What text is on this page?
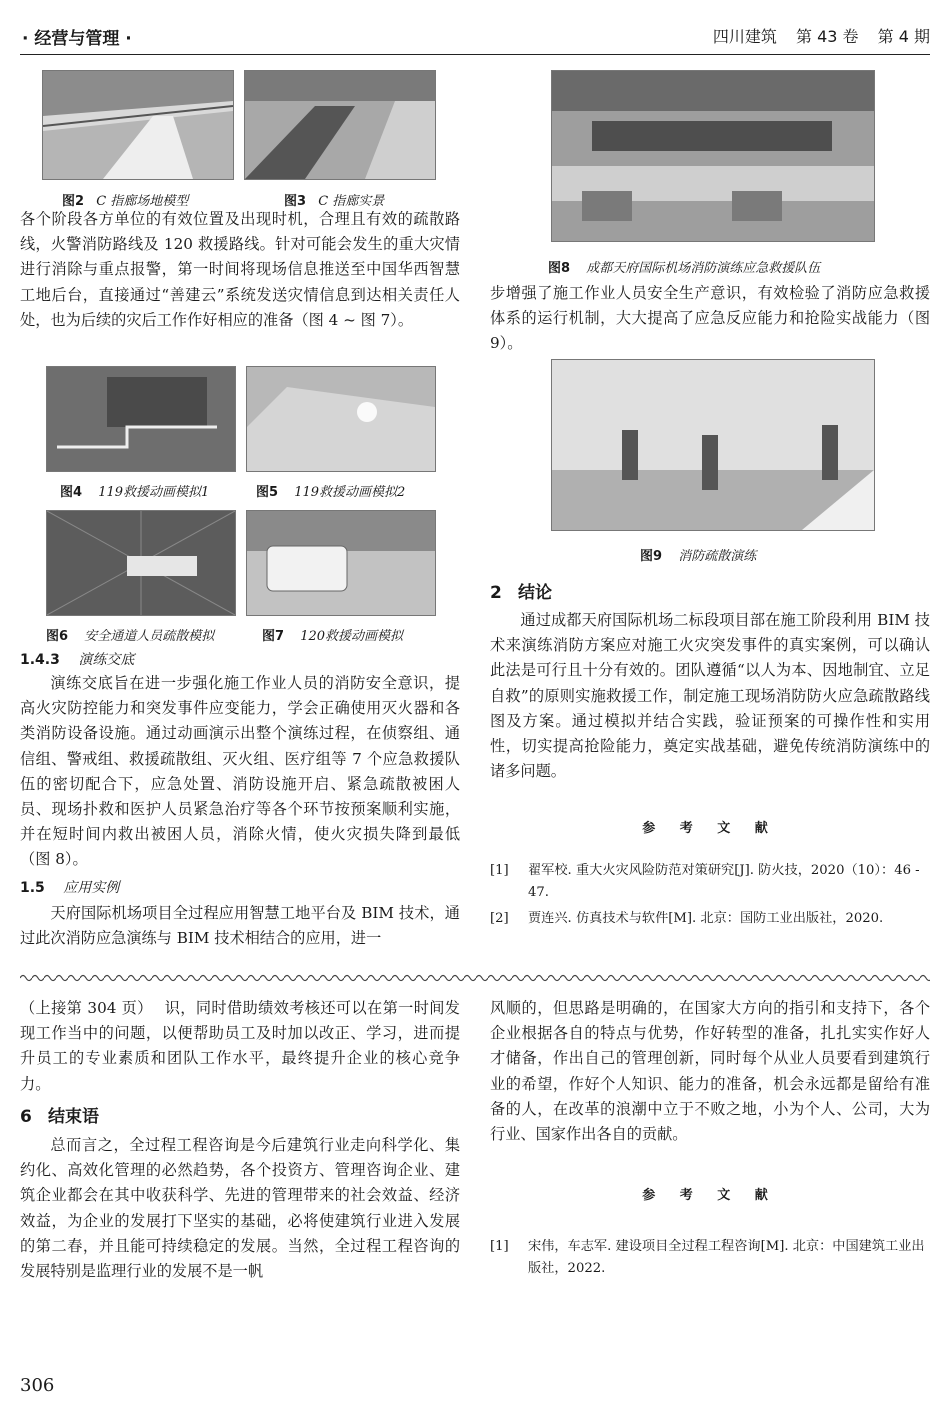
· 经营与管理 ·	四川建筑 第 43 卷 第 4 期
图2 C 指廊场地模型	图3 C 指廊实景

各个阶段各方单位的有效位置及出现时机，合理且有效的疏散路线，火警消防路线及 120 救援路线。针对可能会发生的重大灾情进行消除与重点报警，第一时间将现场信息推送至中国华西智慧工地后台，直接通过“善建云”系统发送灾情信息到达相关责任人处，也为后续的灾后工作作好相应的准备（图 4 ~ 图 7）。

图4 119救援动画模拟1	图5 119救援动画模拟2
图6 安全通道人员疏散模拟	图7 120救援动画模拟
1.4.3 演练交底

演练交底旨在进一步强化施工作业人员的消防安全意识，提高火灾防控能力和突发事件应变能力，学会正确使用灭火器和各类消防设备设施。通过动画演示出整个演练过程，在侦察组、通信组、警戒组、救援疏散组、灭火组、医疗组等 7 个应急救援队伍的密切配合下，应急处置、消防设施开启、紧急疏散被困人员、现场扑救和医护人员紧急治疗等各个环节按预案顺利实施，并在短时间内救出被困人员，消除火情，使火灾损失降到最低（图 8）。

1.5 应用实例

天府国际机场项目全过程应用智慧工地平台及 BIM 技术，通过此次消防应急演练与 BIM 技术相结合的应用，进一

图8 成都天府国际机场消防演练应急救援队伍

步增强了施工作业人员安全生产意识，有效检验了消防应急救援体系的运行机制，大大提高了应急反应能力和抢险实战能力（图 9）。

图9 消防疏散演练
2 结论

通过成都天府国际机场二标段项目部在施工阶段利用 BIM 技术来演练消防方案应对施工火灾突发事件的真实案例，可以确认此法是可行且十分有效的。团队遵循“以人为本、因地制宜、立足自救”的原则实施救援工作，制定施工现场消防防火应急疏散路线图及方案。通过模拟并结合实践，验证预案的可操作性和实用性，切实提高抢险能力，奠定实战基础，避免传统消防演练中的诸多问题。

参 考 文 献
[1] 翟军校. 重大火灾风险防范对策研究[J]. 防火技，2020（10）：46 - 47.
[2] 贾连兴. 仿真技术与软件[M]. 北京：国防工业出版社，2020.
（上接第 304 页） 识，同时借助绩效考核还可以在第一时间发现工作当中的问题，以便帮助员工及时加以改正、学习，进而提升员工的专业素质和团队工作水平，最终提升企业的核心竞争力。
6 结束语

总而言之，全过程工程咨询是今后建筑行业走向科学化、集约化、高效化管理的必然趋势，各个投资方、管理咨询企业、建筑企业都会在其中收获科学、先进的管理带来的社会效益、经济效益，为企业的发展打下坚实的基础，必将使建筑行业进入发展的第二春，并且能可持续稳定的发展。当然，全过程工程咨询的发展特别是监理行业的发展不是一帆

风顺的，但思路是明确的，在国家大方向的指引和支持下，各个企业根据各自的特点与优势，作好转型的准备，扎扎实实作好人才储备，作出自己的管理创新，同时每个从业人员要看到建筑行业的希望，作好个人知识、能力的准备，机会永远都是留给有准备的人，在改革的浪潮中立于不败之地，小为个人、公司，大为行业、国家作出各自的贡献。

参 考 文 献
[1] 宋伟，车志军. 建设项目全过程工程咨询[M]. 北京：中国建筑工业出版社，2022.
306
